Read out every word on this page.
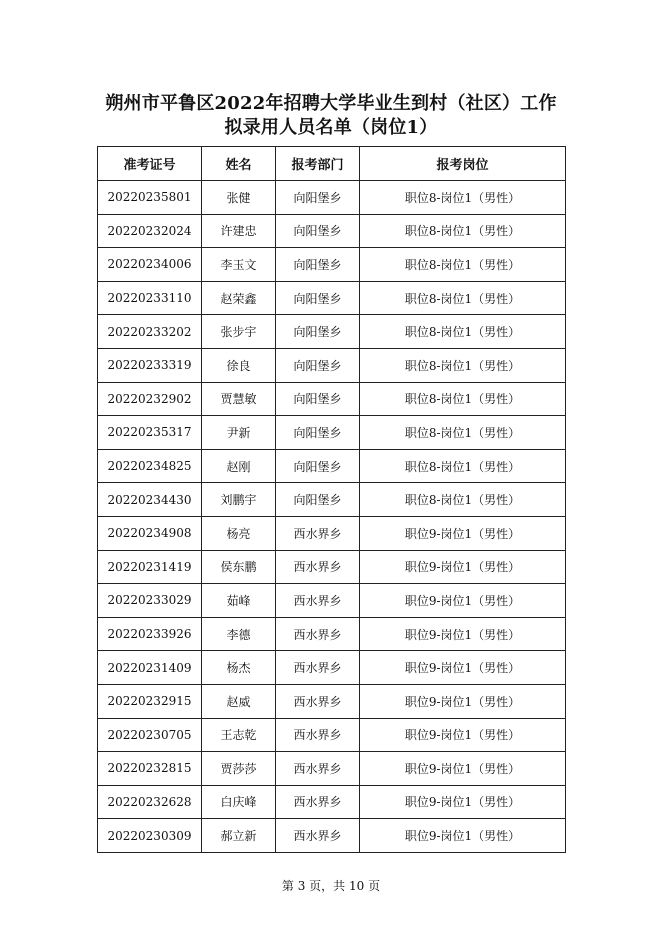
朔州市平鲁区2022年招聘大学毕业生到村（社区）工作
拟录用人员名单（岗位1）
准考证号	姓名	报考部门	报考岗位
20220235801	张健	向阳堡乡	职位8-岗位1（男性）
20220232024	许建忠	向阳堡乡	职位8-岗位1（男性）
20220234006	李玉文	向阳堡乡	职位8-岗位1（男性）
20220233110	赵荣鑫	向阳堡乡	职位8-岗位1（男性）
20220233202	张步宇	向阳堡乡	职位8-岗位1（男性）
20220233319	徐良	向阳堡乡	职位8-岗位1（男性）
20220232902	贾慧敏	向阳堡乡	职位8-岗位1（男性）
20220235317	尹新	向阳堡乡	职位8-岗位1（男性）
20220234825	赵刚	向阳堡乡	职位8-岗位1（男性）
20220234430	刘鹏宇	向阳堡乡	职位8-岗位1（男性）
20220234908	杨亮	西水界乡	职位9-岗位1（男性）
20220231419	侯东鹏	西水界乡	职位9-岗位1（男性）
20220233029	茹峰	西水界乡	职位9-岗位1（男性）
20220233926	李德	西水界乡	职位9-岗位1（男性）
20220231409	杨杰	西水界乡	职位9-岗位1（男性）
20220232915	赵威	西水界乡	职位9-岗位1（男性）
20220230705	王志乾	西水界乡	职位9-岗位1（男性）
20220232815	贾莎莎	西水界乡	职位9-岗位1（男性）
20220232628	白庆峰	西水界乡	职位9-岗位1（男性）
20220230309	郝立新	西水界乡	职位9-岗位1（男性）
第 3 页，共 10 页
